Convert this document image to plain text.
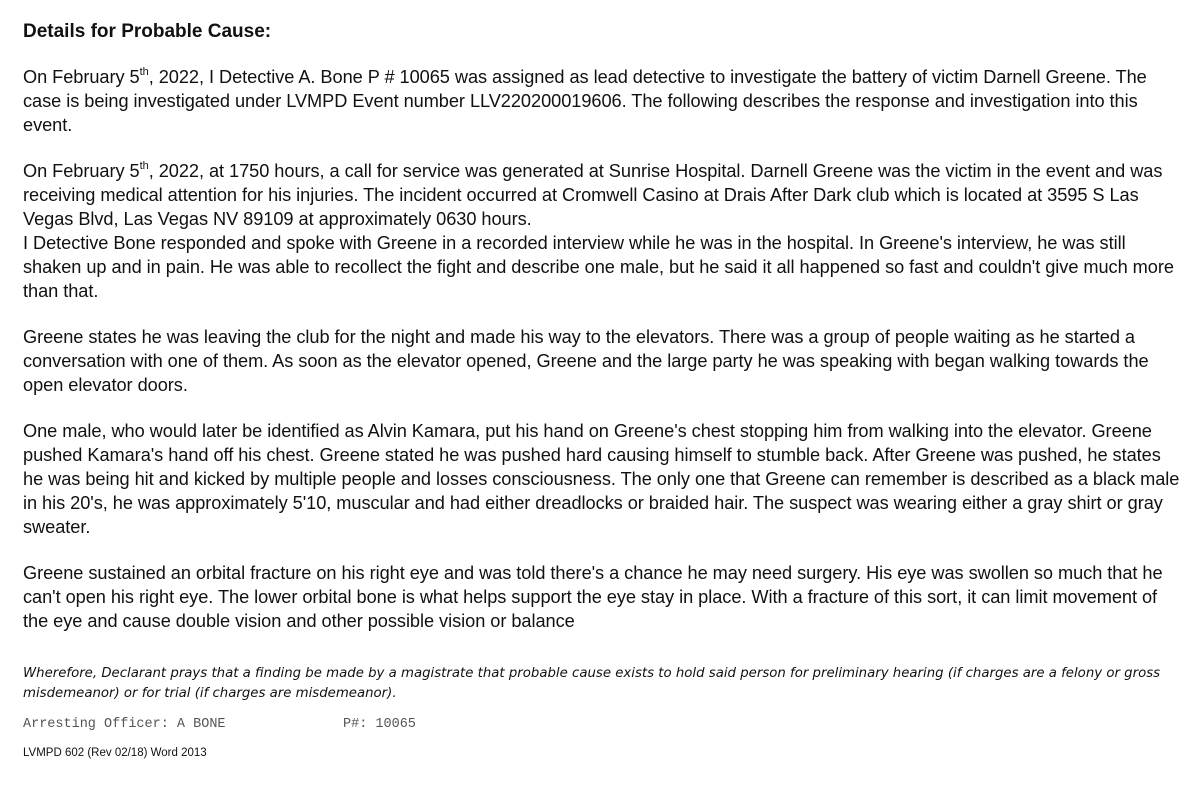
Details for Probable Cause:

On February 5th, 2022, I Detective A. Bone P # 10065 was assigned as lead detective to investigate the battery of victim Darnell Greene. The case is being investigated under LVMPD Event number LLV220200019606. The following describes the response and investigation into this event.

On February 5th, 2022, at 1750 hours, a call for service was generated at Sunrise Hospital. Darnell Greene was the victim in the event and was receiving medical attention for his injuries. The incident occurred at Cromwell Casino at Drais After Dark club which is located at 3595 S Las Vegas Blvd, Las Vegas NV 89109 at approximately 0630 hours.

I Detective Bone responded and spoke with Greene in a recorded interview while he was in the hospital. In Greene's interview, he was still shaken up and in pain. He was able to recollect the fight and describe one male, but he said it all happened so fast and couldn't give much more than that.

Greene states he was leaving the club for the night and made his way to the elevators. There was a group of people waiting as he started a conversation with one of them. As soon as the elevator opened, Greene and the large party he was speaking with began walking towards the open elevator doors.

One male, who would later be identified as Alvin Kamara, put his hand on Greene's chest stopping him from walking into the elevator. Greene pushed Kamara's hand off his chest. Greene stated he was pushed hard causing himself to stumble back. After Greene was pushed, he states he was being hit and kicked by multiple people and losses consciousness. The only one that Greene can remember is described as a black male in his 20's, he was approximately 5'10, muscular and had either dreadlocks or braided hair. The suspect was wearing either a gray shirt or gray sweater.

Greene sustained an orbital fracture on his right eye and was told there's a chance he may need surgery. His eye was swollen so much that he can't open his right eye. The lower orbital bone is what helps support the eye stay in place. With a fracture of this sort, it can limit movement of the eye and cause double vision and other possible vision or balance

Wherefore, Declarant prays that a finding be made by a magistrate that probable cause exists to hold said person for preliminary hearing (if charges are a felony or gross misdemeanor) or for trial (if charges are misdemeanor).
Arresting Officer: A BONE	P#: 10065
LVMPD 602 (Rev 02/18) Word 2013
